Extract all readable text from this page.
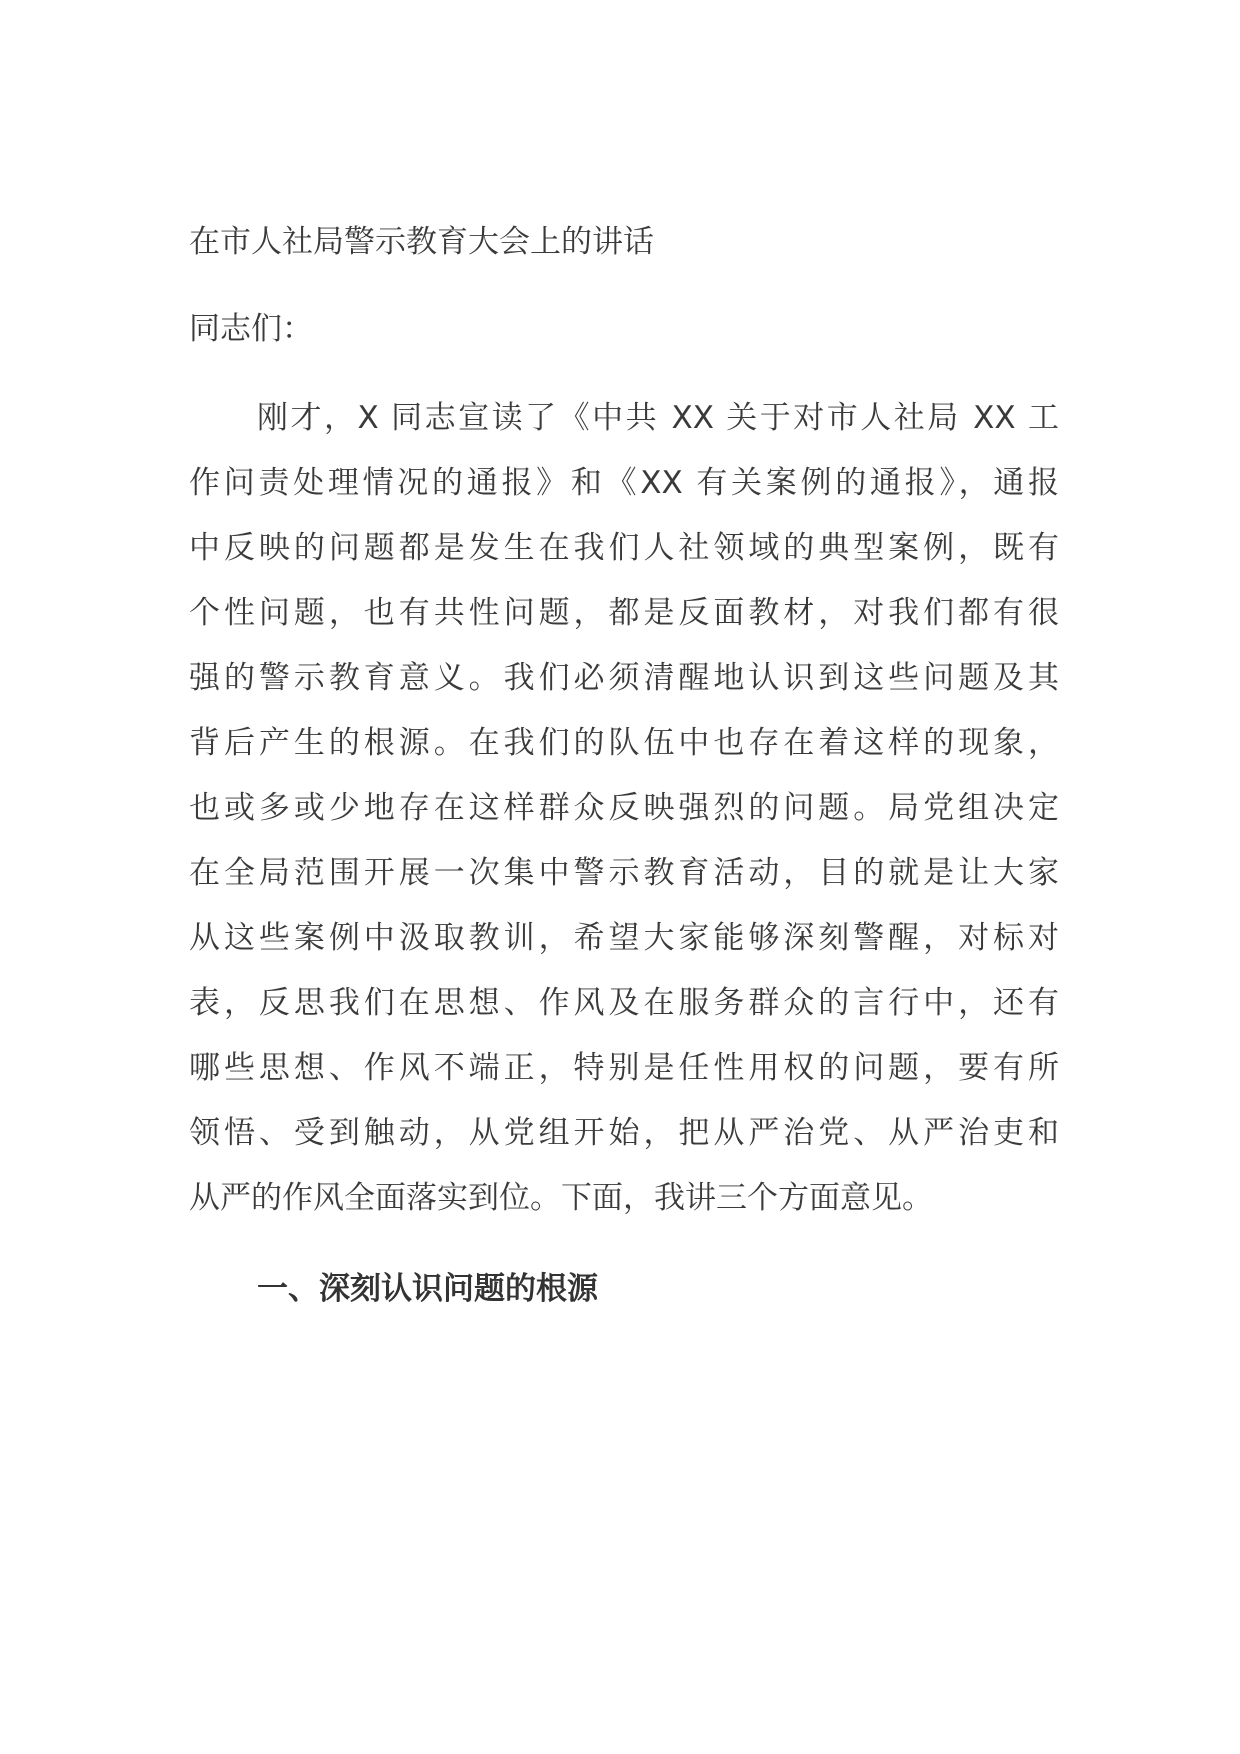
在市人社局警示教育大会上的讲话
同志们：
刚才，X 同志宣读了《中共 XX 关于对市人社局 XX 工
作问责处理情况的通报》和《XX 有关案例的通报》，通报
中反映的问题都是发生在我们人社领域的典型案例，既有
个性问题，也有共性问题，都是反面教材，对我们都有很
强的警示教育意义。我们必须清醒地认识到这些问题及其
背后产生的根源。在我们的队伍中也存在着这样的现象，
也或多或少地存在这样群众反映强烈的问题。局党组决定
在全局范围开展一次集中警示教育活动，目的就是让大家
从这些案例中汲取教训，希望大家能够深刻警醒，对标对
表，反思我们在思想、作风及在服务群众的言行中，还有
哪些思想、作风不端正，特别是任性用权的问题，要有所
领悟、受到触动，从党组开始，把从严治党、从严治吏和
从严的作风全面落实到位。下面，我讲三个方面意见。
一、深刻认识问题的根源
